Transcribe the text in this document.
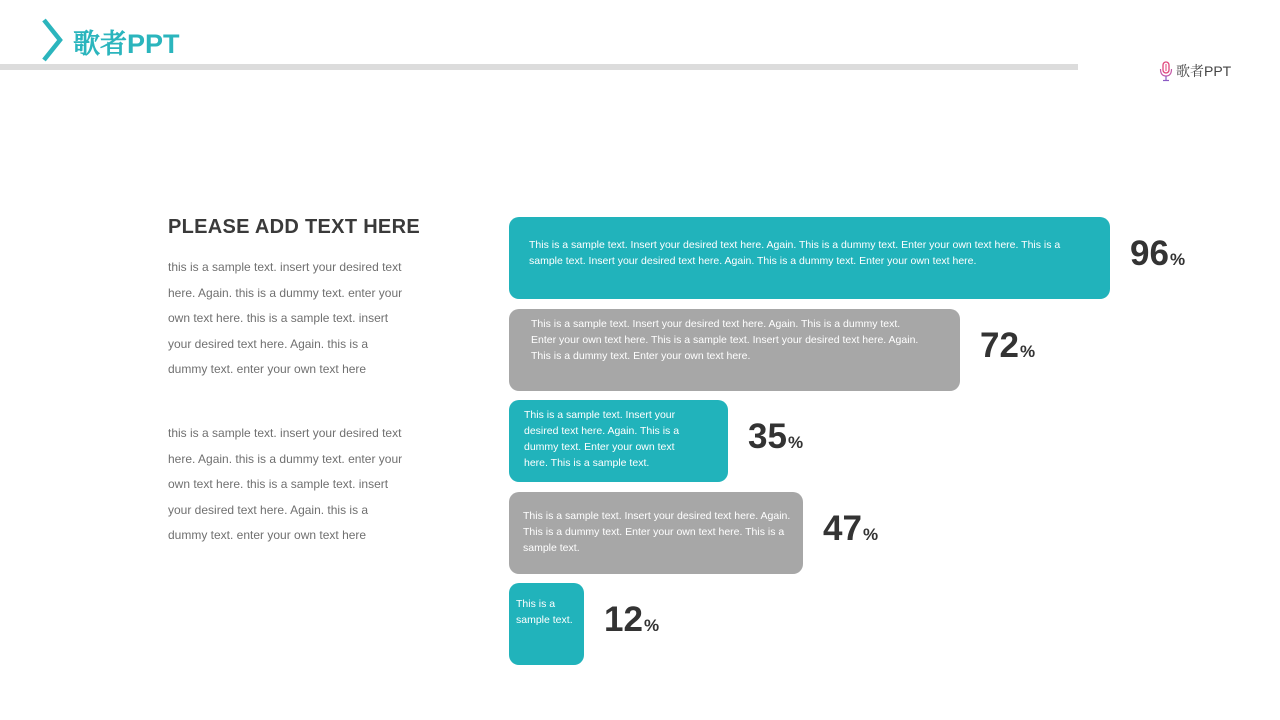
歌者PPT
歌者PPT
PLEASE ADD TEXT HERE
this is a sample text. insert your desired text here. Again. this is a dummy text. enter your own text here. this is a sample text. insert your desired text here. Again. this is a dummy text. enter your own text here
this is a sample text. insert your desired text here. Again. this is a dummy text. enter your own text here. this is a sample text. insert your desired text here. Again. this is a dummy text. enter your own text here
This is a sample text. Insert your desired text here. Again. This is a dummy text. Enter your own text here. This is a sample text. Insert your desired text here. Again. This is a dummy text. Enter your own text here.	96%
This is a sample text. Insert your desired text here. Again. This is a dummy text. Enter your own text here. This is a sample text. Insert your desired text here. Again. This is a dummy text. Enter your own text here.	72%
This is a sample text. Insert your desired text here. Again. This is a dummy text. Enter your own text here. This is a sample text.
35%
This is a sample text. Insert your desired text here. Again. This is a dummy text. Enter your own text here. This is a sample text.	47%
This is a sample text. 12%
